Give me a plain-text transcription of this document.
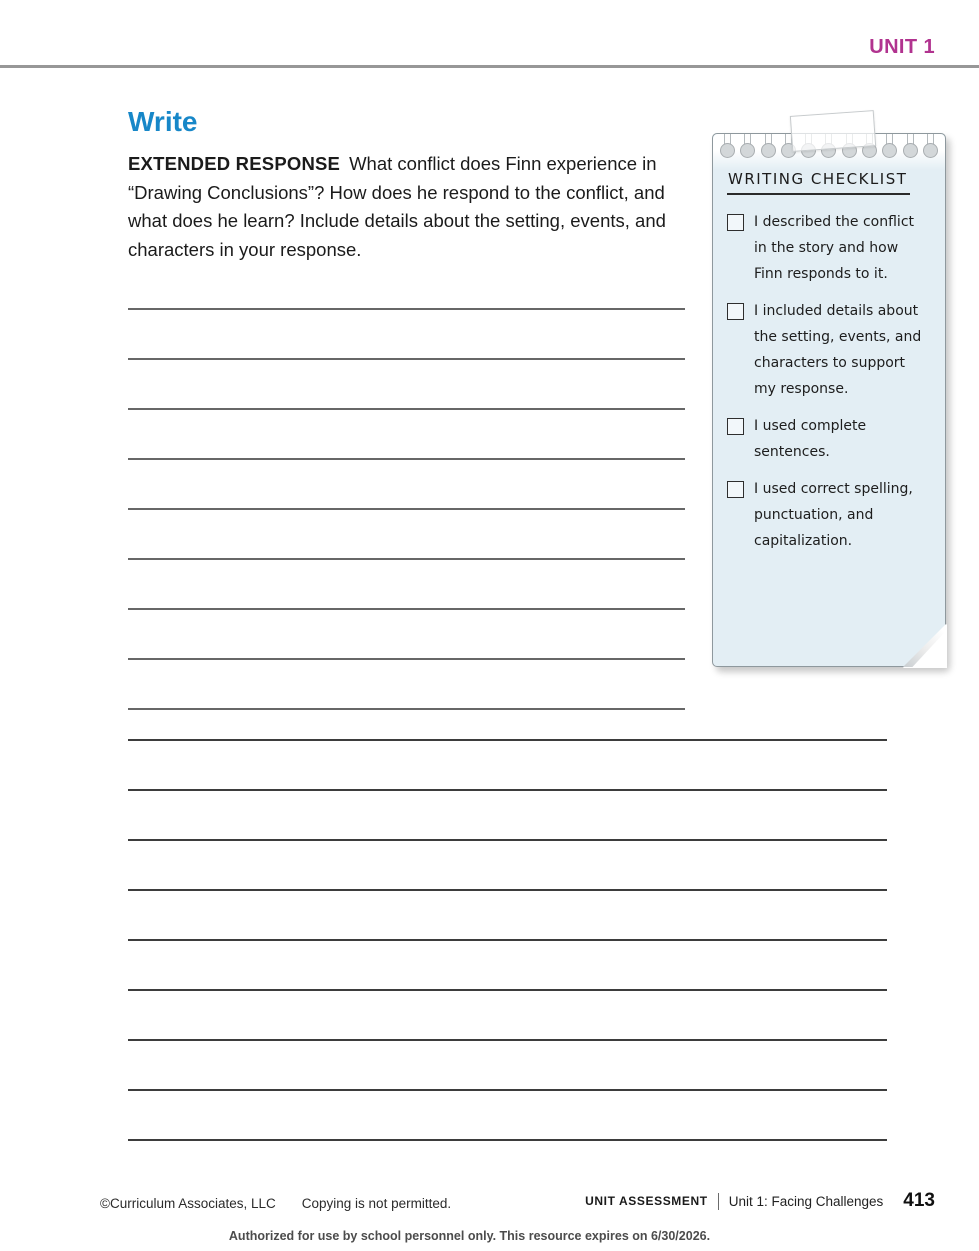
UNIT 1
Write

EXTENDED RESPONSE What conflict does Finn experience in “Drawing Conclusions”? How does he respond to the conflict, and what does he learn? Include details about the setting, events, and characters in your response.

WRITING CHECKLIST
I described the conflict in the story and how Finn responds to it.
I included details about the setting, events, and characters to support my response.
I used complete sentences.
I used correct spelling, punctuation, and capitalization.
©Curriculum Associates, LLC Copying is not permitted.	UNIT ASSESSMENT Unit 1: Facing Challenges 413
Authorized for use by school personnel only. This resource expires on 6/30/2026.
